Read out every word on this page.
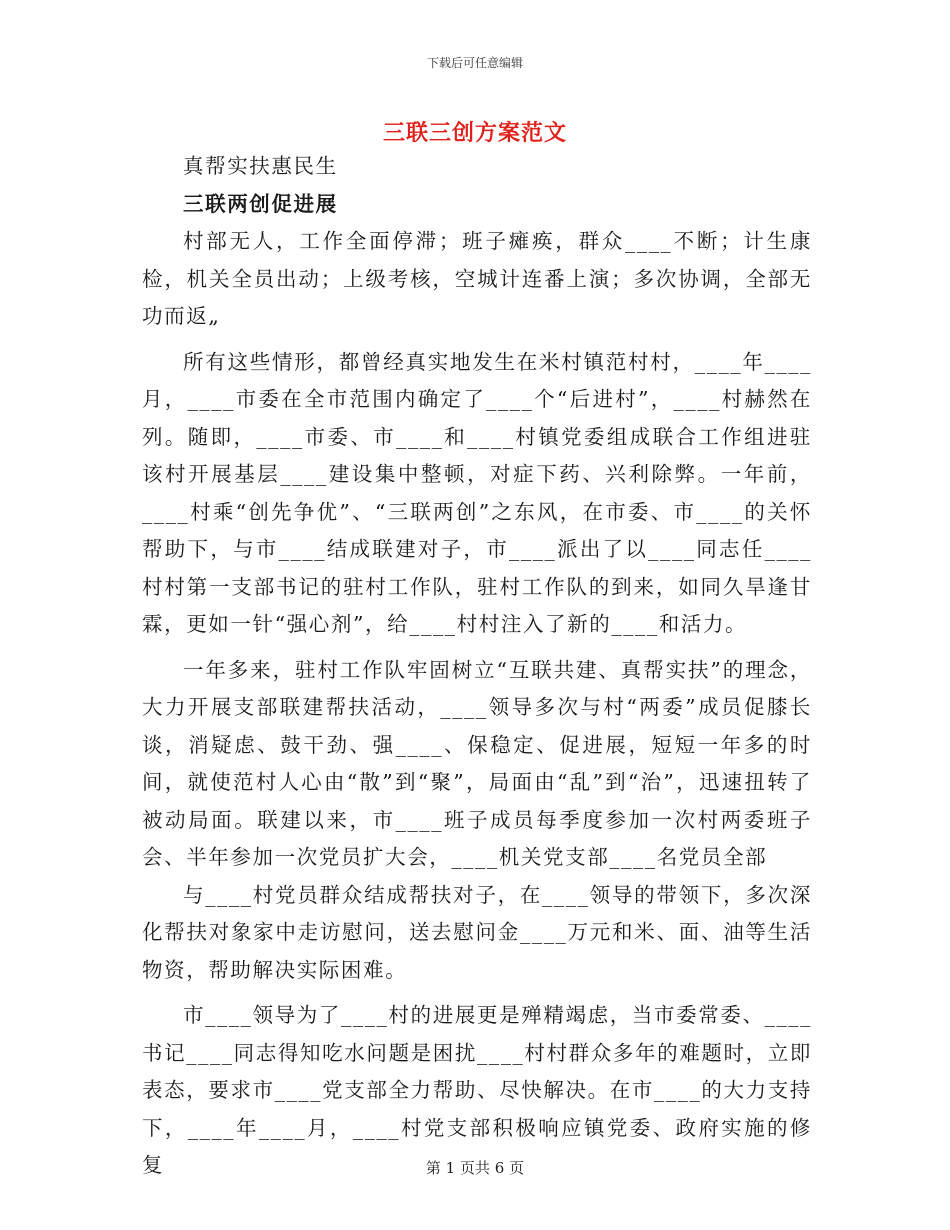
下载后可任意编辑
三联三创方案范文

真帮实扶惠民生

三联两创促进展

村部无人，工作全面停滞；班子瘫痪，群众____不断；计生康检，机关全员出动；上级考核，空城计连番上演；多次协调，全部无功而返„

所有这些情形，都曾经真实地发生在米村镇范村村，____年____月，____市委在全市范围内确定了____个“后进村”，____村赫然在列。随即，____市委、市____和____村镇党委组成联合工作组进驻该村开展基层____建设集中整顿，对症下药、兴利除弊。一年前，____村乘“创先争优”、“三联两创”之东风，在市委、市____的关怀帮助下，与市____结成联建对子，市____派出了以____同志任____村村第一支部书记的驻村工作队，驻村工作队的到来，如同久旱逢甘霖，更如一针“强心剂”，给____村村注入了新的____和活力。

一年多来，驻村工作队牢固树立“互联共建、真帮实扶”的理念，大力开展支部联建帮扶活动，____领导多次与村“两委”成员促膝长谈，消疑虑、鼓干劲、强____、保稳定、促进展，短短一年多的时间，就使范村人心由“散”到“聚”，局面由“乱”到“治”，迅速扭转了被动局面。联建以来，市____班子成员每季度参加一次村两委班子会、半年参加一次党员扩大会，____机关党支部____名党员全部

与____村党员群众结成帮扶对子，在____领导的带领下，多次深化帮扶对象家中走访慰问，送去慰问金____万元和米、面、油等生活物资，帮助解决实际困难。

市____领导为了____村的进展更是殚精竭虑，当市委常委、____书记____同志得知吃水问题是困扰____村村群众多年的难题时，立即表态，要求市____党支部全力帮助、尽快解决。在市____的大力支持下，____年____月，____村党支部积极响应镇党委、政府实施的修复	第 1 页共 6 页
